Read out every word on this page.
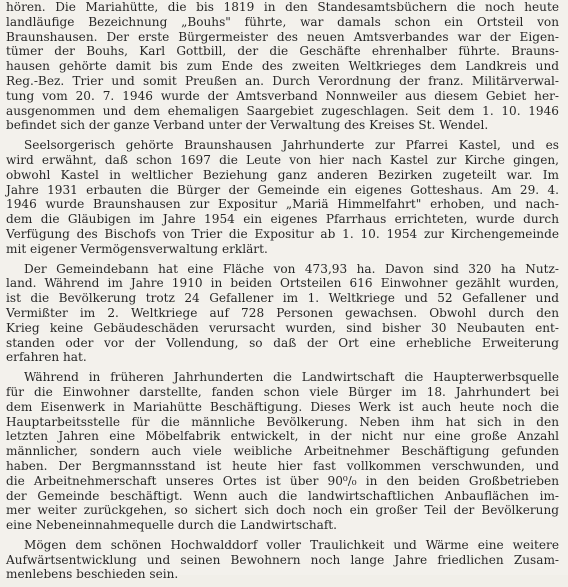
hören. Die Mariahütte, die bis 1819 in den Standesamtsbüchern die noch heute
landläufige Bezeichnung „Bouhs" führte, war damals schon ein Ortsteil von
Braunshausen. Der erste Bürgermeister des neuen Amtsverbandes war der Eigen-
tümer der Bouhs, Karl Gottbill, der die Geschäfte ehrenhalber führte. Brauns-
hausen gehörte damit bis zum Ende des zweiten Weltkrieges dem Landkreis und
Reg.-Bez. Trier und somit Preußen an. Durch Verordnung der franz. Militärverwal-
tung vom 20. 7. 1946 wurde der Amtsverband Nonnweiler aus diesem Gebiet her-
ausgenommen und dem ehemaligen Saargebiet zugeschlagen. Seit dem 1. 10. 1946
befindet sich der ganze Verband unter der Verwaltung des Kreises St. Wendel.
Seelsorgerisch gehörte Braunshausen Jahrhunderte zur Pfarrei Kastel, und es
wird erwähnt, daß schon 1697 die Leute von hier nach Kastel zur Kirche gingen,
obwohl Kastel in weltlicher Beziehung ganz anderen Bezirken zugeteilt war. Im
Jahre 1931 erbauten die Bürger der Gemeinde ein eigenes Gotteshaus. Am 29. 4.
1946 wurde Braunshausen zur Expositur „Mariä Himmelfahrt" erhoben, und nach-
dem die Gläubigen im Jahre 1954 ein eigenes Pfarrhaus errichteten, wurde durch
Verfügung des Bischofs von Trier die Expositur ab 1. 10. 1954 zur Kirchengemeinde
mit eigener Vermögensverwaltung erklärt.
Der Gemeindebann hat eine Fläche von 473,93 ha. Davon sind 320 ha Nutz-
land. Während im Jahre 1910 in beiden Ortsteilen 616 Einwohner gezählt wurden,
ist die Bevölkerung trotz 24 Gefallener im 1. Weltkriege und 52 Gefallener und
Vermißter im 2. Weltkriege auf 728 Personen gewachsen. Obwohl durch den
Krieg keine Gebäudeschäden verursacht wurden, sind bisher 30 Neubauten ent-
standen oder vor der Vollendung, so daß der Ort eine erhebliche Erweiterung
erfahren hat.
Während in früheren Jahrhunderten die Landwirtschaft die Haupterwerbsquelle
für die Einwohner darstellte, fanden schon viele Bürger im 18. Jahrhundert bei
dem Eisenwerk in Mariahütte Beschäftigung. Dieses Werk ist auch heute noch die
Hauptarbeitsstelle für die männliche Bevölkerung. Neben ihm hat sich in den
letzten Jahren eine Möbelfabrik entwickelt, in der nicht nur eine große Anzahl
männlicher, sondern auch viele weibliche Arbeitnehmer Beschäftigung gefunden
haben. Der Bergmannsstand ist heute hier fast vollkommen verschwunden, und
die Arbeitnehmerschaft unseres Ortes ist über 90⁰/₀ in den beiden Großbetrieben
der Gemeinde beschäftigt. Wenn auch die landwirtschaftlichen Anbauflächen im-
mer weiter zurückgehen, so sichert sich doch noch ein großer Teil der Bevölkerung
eine Nebeneinnahmequelle durch die Landwirtschaft.
Mögen dem schönen Hochwalddorf voller Traulichkeit und Wärme eine weitere
Aufwärtsentwicklung und seinen Bewohnern noch lange Jahre friedlichen Zusam-
menlebens beschieden sein.
